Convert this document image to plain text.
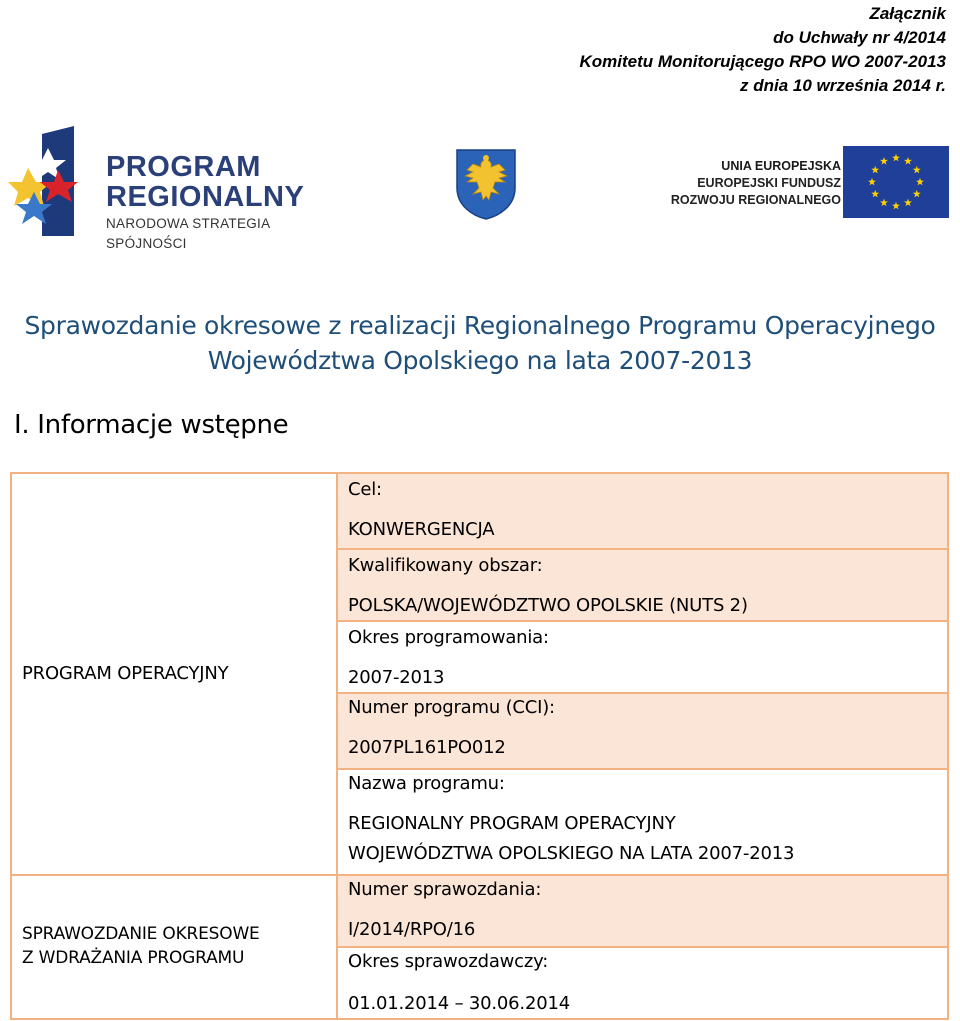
Załącznik
do Uchwały nr 4/2014
Komitetu Monitorującego RPO WO 2007-2013
z dnia 10 września 2014 r.
PROGRAM
REGIONALNY
NARODOWA STRATEGIA SPÓJNOŚCI
UNIA EUROPEJSKA
EUROPEJSKI FUNDUSZ
ROZWOJU REGIONALNEGO
Sprawozdanie okresowe z realizacji Regionalnego Programu Operacyjnego
Województwa Opolskiego na lata 2007-2013
I. Informacje wstępne
PROGRAM OPERACYJNY
SPRAWOZDANIE OKRESOWE
Z WDRAŻANIA PROGRAMU
Cel:
KONWERGENCJA
Kwalifikowany obszar:
POLSKA/WOJEWÓDZTWO OPOLSKIE (NUTS 2)
Okres programowania:
2007-2013
Numer programu (CCI):
2007PL161PO012
Nazwa programu:
REGIONALNY PROGRAM OPERACYJNY
WOJEWÓDZTWA OPOLSKIEGO NA LATA 2007-2013
Numer sprawozdania:
I/2014/RPO/16
Okres sprawozdawczy:
01.01.2014 – 30.06.2014
